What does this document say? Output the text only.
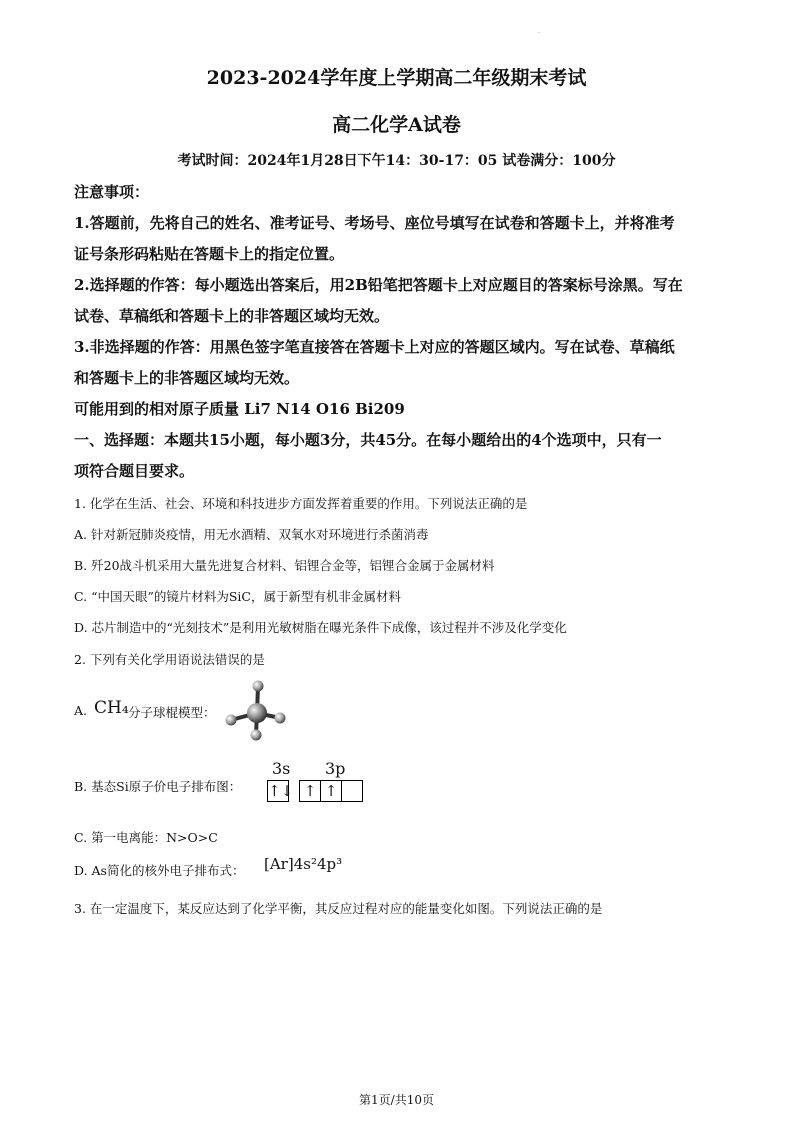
·
2023-2024学年度上学期高二年级期末考试
高二化学A试卷
考试时间：2024年1月28日下午14：30-17：05 试卷满分：100分
注意事项：
1.答题前，先将自己的姓名、准考证号、考场号、座位号填写在试卷和答题卡上，并将准考
证号条形码粘贴在答题卡上的指定位置。
2.选择题的作答：每小题选出答案后，用2B铅笔把答题卡上对应题目的答案标号涂黑。写在
试卷、草稿纸和答题卡上的非答题区域均无效。
3.非选择题的作答：用黑色签字笔直接答在答题卡上对应的答题区域内。写在试卷、草稿纸
和答题卡上的非答题区域均无效。
可能用到的相对原子质量 Li7 N14 O16 Bi209
一、选择题：本题共15小题，每小题3分，共45分。在每小题给出的4个选项中，只有一
项符合题目要求。
1. 化学在生活、社会、环境和科技进步方面发挥着重要的作用。下列说法正确的是
A. 针对新冠肺炎疫情，用无水酒精、双氧水对环境进行杀菌消毒
B. 歼20战斗机采用大量先进复合材料、铝锂合金等，铝锂合金属于金属材料
C. “中国天眼”的镜片材料为SiC，属于新型有机非金属材料
D. 芯片制造中的“光刻技术”是利用光敏树脂在曝光条件下成像，该过程并不涉及化学变化
2. 下列有关化学用语说法错误的是
A. CH₄ 分子球棍模型：
B. 基态Si原子价电子排布图：
3s 3p
↑↓ ↑ ↑
C. 第一电离能：N>O>C
D. As简化的核外电子排布式： [Ar]4s²4p³
3. 在一定温度下，某反应达到了化学平衡，其反应过程对应的能量变化如图。下列说法正确的是
第1页/共10页
